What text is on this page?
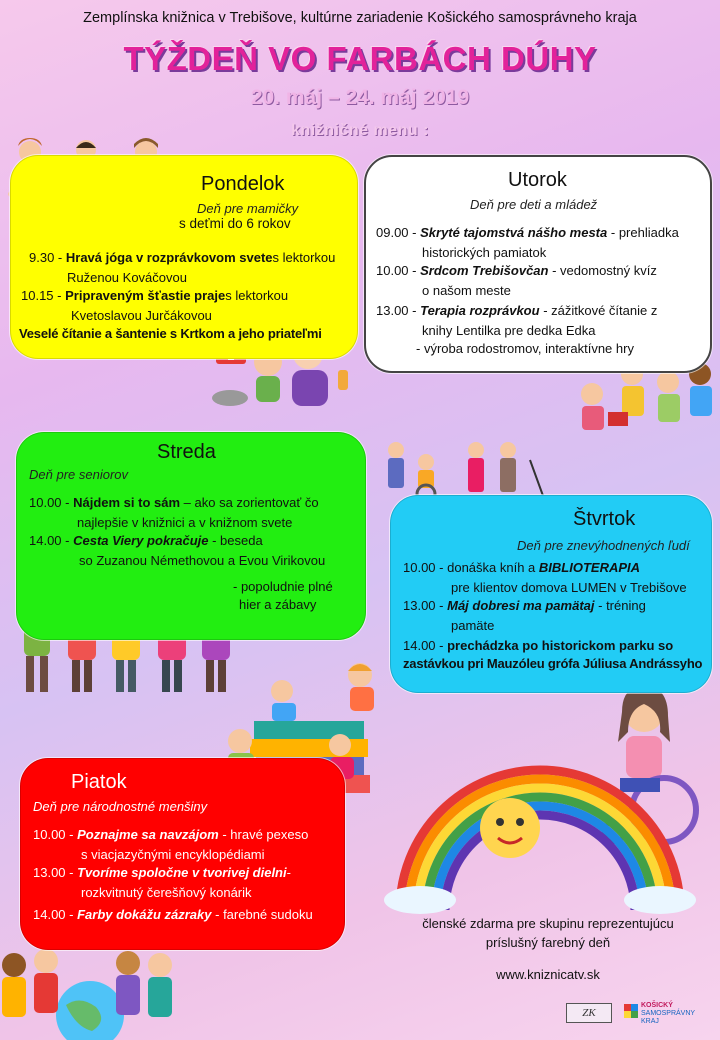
Zemplínska knižnica v Trebišove, kultúrne zariadenie Košického samosprávneho kraja
TÝŽDEŇ VO FARBÁCH DÚHY
20. máj – 24. máj 2019
knižničné menu :
Pondelok
Deň pre mamičky
s deťmi do 6 rokov
9.30 - Hravá jóga v rozprávkovom svetes lektorkou
Ruženou Kováčovou
10.15 - Pripraveným šťastie prajes lektorkou
Kvetoslavou Jurčákovou
Veselé čítanie a šantenie s Krtkom a jeho priateľmi
Utorok
Deň pre deti a mládež
09.00 - Skryté tajomstvá nášho mesta - prehliadka
historických pamiatok
10.00 - Srdcom Trebišovčan - vedomostný kvíz
o našom meste
13.00 - Terapia rozprávkou - zážitkové čítanie z
knihy Lentilka pre dedka Edka
- výroba rodostromov, interaktívne hry
Streda
Deň pre seniorov
10.00 - Nájdem si to sám – ako sa zorientovať čo
najlepšie v knižnici a v knižnom svete
14.00 - Cesta Viery pokračuje - beseda
so Zuzanou Némethovou a Evou Virikovou
- popoludnie plné
hier a zábavy
Štvrtok
Deň pre znevýhodnených ľudí
10.00 - donáška kníh a BIBLIOTERAPIA
pre klientov domova LUMEN v Trebišove
13.00 - Máj dobresi ma pamätaj - tréning
pamäte
14.00 - prechádzka po historickom parku so
zastávkou pri Mauzóleu grófa Júliusa Andrássyho
Piatok
Deň pre národnostné menšiny
10.00 - Poznajme sa navzájom - hravé pexeso
s viacjazyčnými encyklopédiami
13.00 - Tvoríme spoločne v tvorivej dielni-
rozkvitnutý čerešňový konárik
14.00 - Farby dokážu zázraky - farebné sudoku
členské zdarma pre skupinu reprezentujúcu
príslušný farebný deň
www.kniznicatv.sk
ZK
KOŠICKÝ
SAMOSPRÁVNY
KRAJ
